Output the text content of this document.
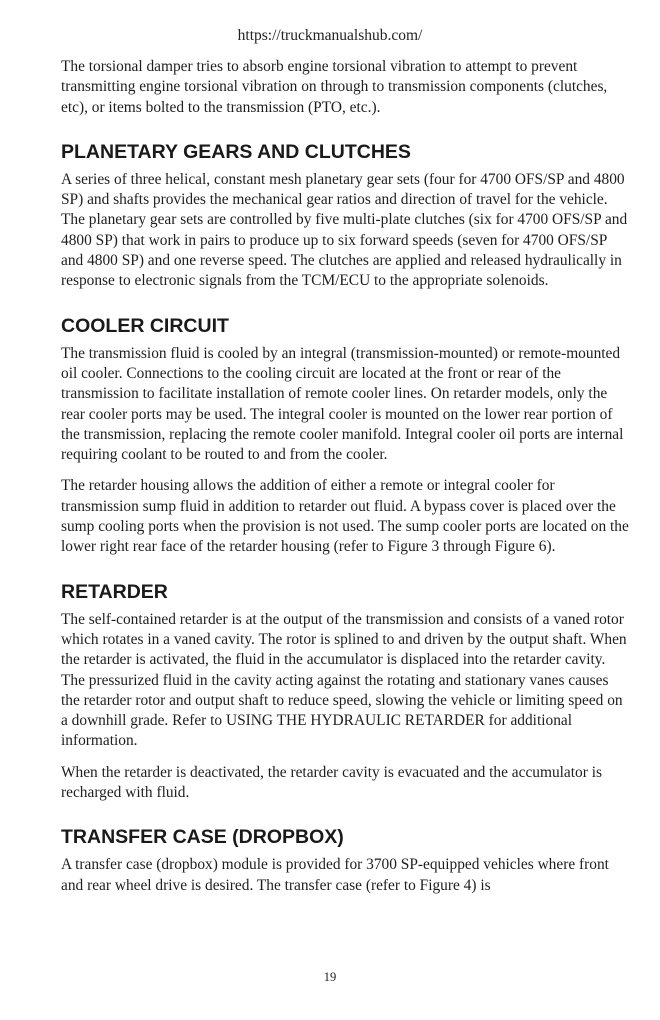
https://truckmanualshub.com/

The torsional damper tries to absorb engine torsional vibration to attempt to prevent transmitting engine torsional vibration on through to transmission components (clutches, etc), or items bolted to the transmission (PTO, etc.).

PLANETARY GEARS AND CLUTCHES

A series of three helical, constant mesh planetary gear sets (four for 4700 OFS/SP and 4800 SP) and shafts provides the mechanical gear ratios and direction of travel for the vehicle. The planetary gear sets are controlled by five multi-plate clutches (six for 4700 OFS/SP and 4800 SP) that work in pairs to produce up to six forward speeds (seven for 4700 OFS/SP and 4800 SP) and one reverse speed. The clutches are applied and released hydraulically in response to electronic signals from the TCM/ECU to the appropriate solenoids.

COOLER CIRCUIT

The transmission fluid is cooled by an integral (transmission-mounted) or remote-mounted oil cooler. Connections to the cooling circuit are located at the front or rear of the transmission to facilitate installation of remote cooler lines. On retarder models, only the rear cooler ports may be used. The integral cooler is mounted on the lower rear portion of the transmission, replacing the remote cooler manifold. Integral cooler oil ports are internal requiring coolant to be routed to and from the cooler.

The retarder housing allows the addition of either a remote or integral cooler for transmission sump fluid in addition to retarder out fluid. A bypass cover is placed over the sump cooling ports when the provision is not used. The sump cooler ports are located on the lower right rear face of the retarder housing (refer to Figure 3 through Figure 6).

RETARDER

The self-contained retarder is at the output of the transmission and consists of a vaned rotor which rotates in a vaned cavity. The rotor is splined to and driven by the output shaft. When the retarder is activated, the fluid in the accumulator is displaced into the retarder cavity. The pressurized fluid in the cavity acting against the rotating and stationary vanes causes the retarder rotor and output shaft to reduce speed, slowing the vehicle or limiting speed on a downhill grade. Refer to USING THE HYDRAULIC RETARDER for additional information.

When the retarder is deactivated, the retarder cavity is evacuated and the accumulator is recharged with fluid.

TRANSFER CASE (DROPBOX)

A transfer case (dropbox) module is provided for 3700 SP-equipped vehicles where front and rear wheel drive is desired. The transfer case (refer to Figure 4) is

19
